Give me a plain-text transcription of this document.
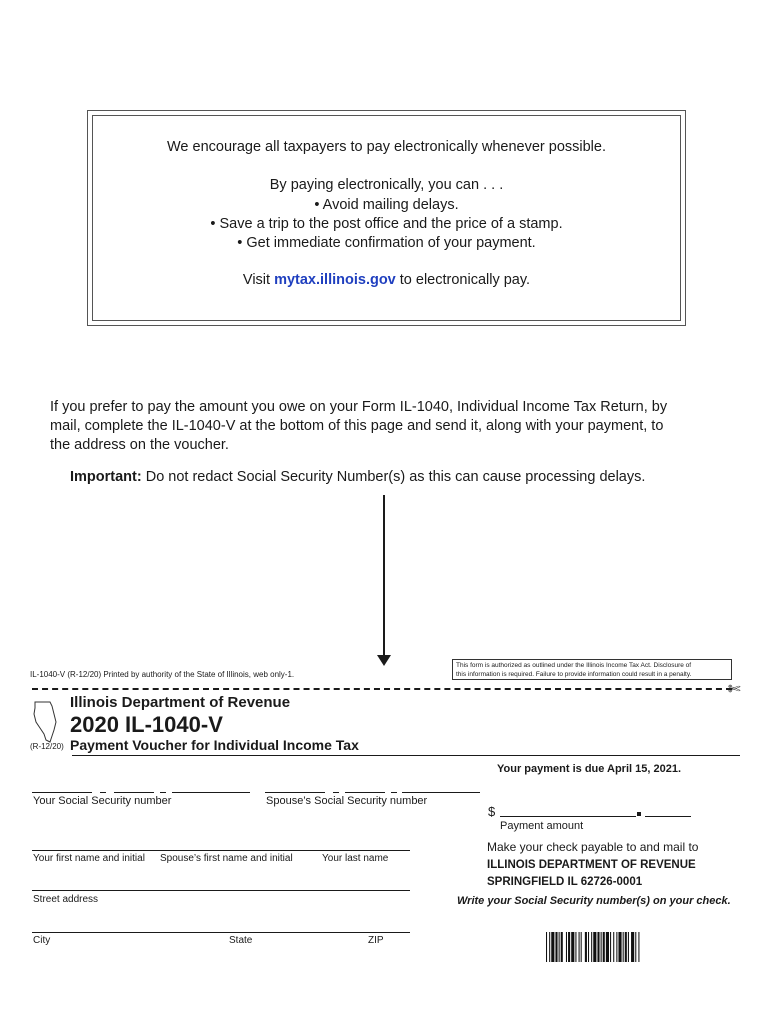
We encourage all taxpayers to pay electronically whenever possible.
By paying electronically, you can . . .
• Avoid mailing delays.
• Save a trip to the post office and the price of a stamp.
• Get immediate confirmation of your payment.
Visit mytax.illinois.gov to electronically pay.
If you prefer to pay the amount you owe on your Form IL-1040, Individual Income Tax Return, by
mail, complete the IL-1040-V at the bottom of this page and send it, along with your payment, to
the address on the voucher.
Important: Do not redact Social Security Number(s) as this can cause processing delays.
IL-1040-V (R-12/20) Printed by authority of the State of Illinois, web only-1.
This form is authorized as outlined under the Illinois Income Tax Act. Disclosure of
this information is required. Failure to provide information could result in a penalty.
✄
Illinois Department of Revenue
2020 IL-1040-V
(R-12/20) Payment Voucher for Individual Income Tax
Your payment is due April 15, 2021.
Your Social Security number	Spouse’s Social Security number
$
Payment amount
Your first name and initial Spouse’s first name and initial	Your last name
Make your check payable to and mail to
ILLINOIS DEPARTMENT OF REVENUE
SPRINGFIELD IL 62726-0001
Street address	Write your Social Security number(s) on your check.
City	State	ZIP
